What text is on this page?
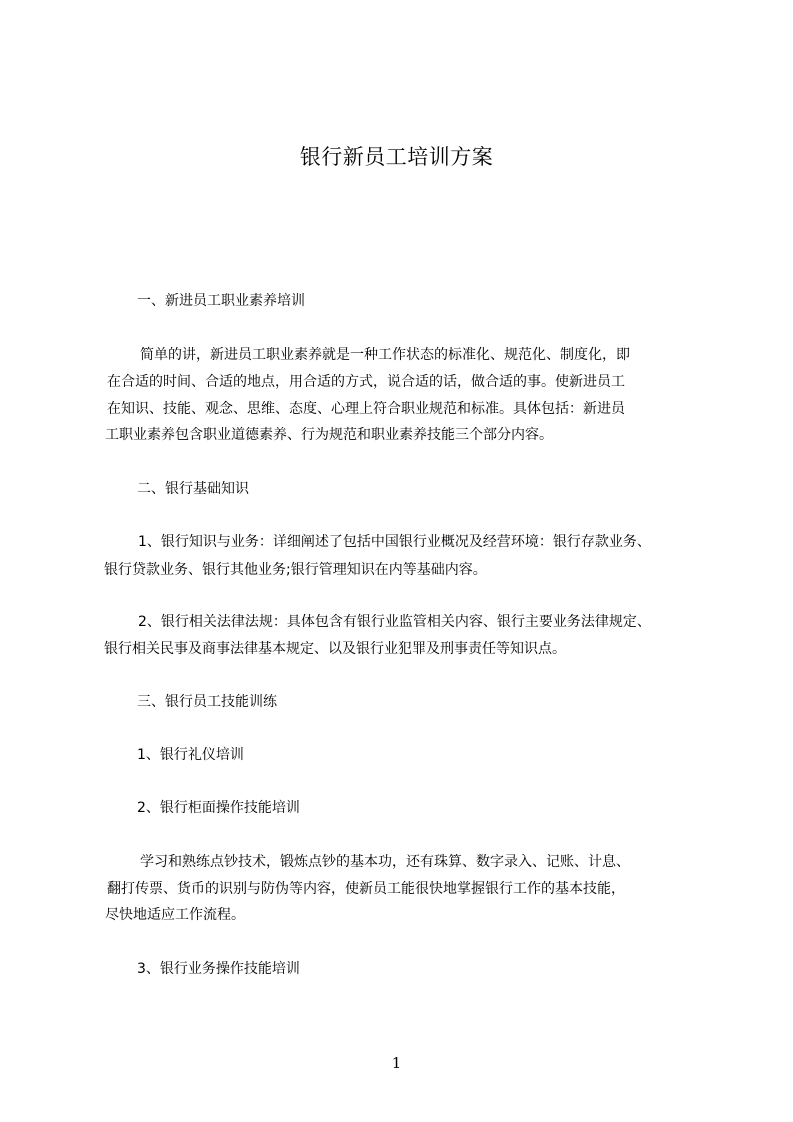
银行新员工培训方案
一、新进员工职业素养培训
简单的讲，新进员工职业素养就是一种工作状态的标准化、规范化、制度化，即
在合适的时间、合适的地点，用合适的方式，说合适的话，做合适的事。使新进员工
在知识、技能、观念、思维、态度、心理上符合职业规范和标准。具体包括：新进员
工职业素养包含职业道德素养、行为规范和职业素养技能三个部分内容。
二、银行基础知识
1、银行知识与业务：详细阐述了包括中国银行业概况及经营环境：银行存款业务、
银行贷款业务、银行其他业务;银行管理知识在内等基础内容。
2、银行相关法律法规：具体包含有银行业监管相关内容、银行主要业务法律规定、
银行相关民事及商事法律基本规定、以及银行业犯罪及刑事责任等知识点。
三、银行员工技能训练
1、银行礼仪培训
2、银行柜面操作技能培训
学习和熟练点钞技术，锻炼点钞的基本功，还有珠算、数字录入、记账、计息、
翻打传票、货币的识别与防伪等内容，使新员工能很快地掌握银行工作的基本技能，
尽快地适应工作流程。
3、银行业务操作技能培训
1
